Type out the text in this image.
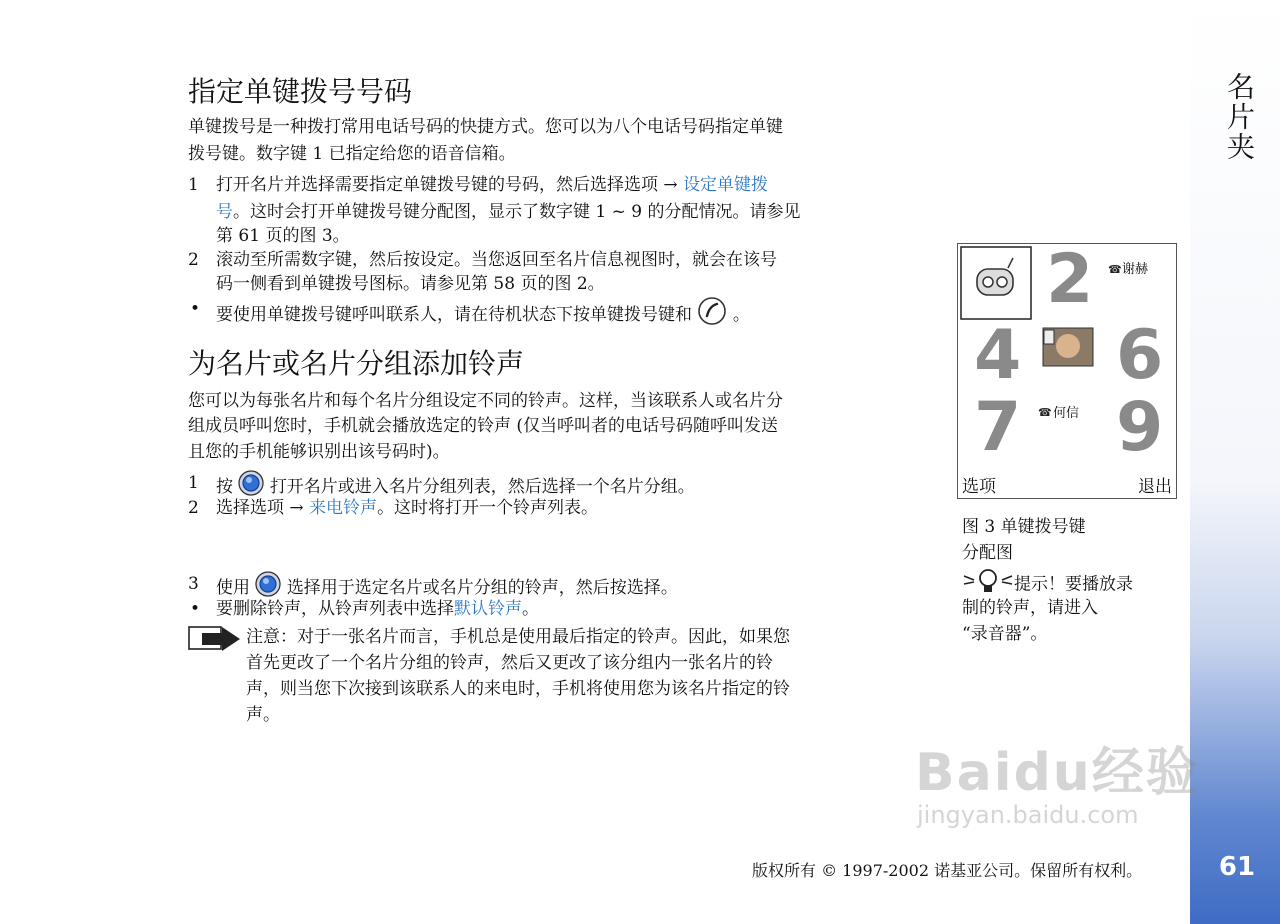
名片夹
61
指定单键拨号号码
单键拨号是一种拨打常用电话号码的快捷方式。您可以为八个电话号码指定单键
拨号键。数字键 1 已指定给您的语音信箱。
1 打开名片并选择需要指定单键拨号键的号码，然后选择选项 → 设定单键拨
号。这时会打开单键拨号键分配图，显示了数字键 1 ~ 9 的分配情况。请参见
第 61 页的图 3。
2 滚动至所需数字键，然后按设定。当您返回至名片信息视图时，就会在该号
码一侧看到单键拨号图标。请参见第 58 页的图 2。
• 要使用单键拨号键呼叫联系人，请在待机状态下按单键拨号键和 。
为名片或名片分组添加铃声
您可以为每张名片和每个名片分组设定不同的铃声。这样，当该联系人或名片分
组成员呼叫您时，手机就会播放选定的铃声 (仅当呼叫者的电话号码随呼叫发送
且您的手机能够识别出该号码时)。
1 按 打开名片或进入名片分组列表，然后选择一个名片分组。
2 选择选项 → 来电铃声。这时将打开一个铃声列表。
3 使用 选择用于选定名片或名片分组的铃声，然后按选择。
• 要删除铃声，从铃声列表中选择默认铃声。
注意：对于一张名片而言，手机总是使用最后指定的铃声。因此，如果您
首先更改了一个名片分组的铃声，然后又更改了该分组内一张名片的铃
声，则当您下次接到该联系人的来电时，手机将使用您为该名片指定的铃
声。
☎
☎
2 谢赫
4 6
7 何信 9
选项	退出
图 3 单键拨号键
分配图
提示！要播放录
制的铃声，请进入
“录音器”。
Baidu经验
jingyan.baidu.com
版权所有 © 1997-2002 诺基亚公司。保留所有权利。
